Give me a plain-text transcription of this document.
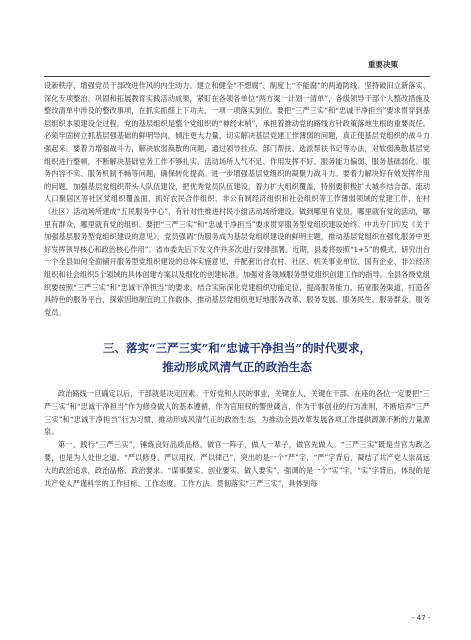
重要决策

设新秩序，增强党员干部改进作风的内生动力。建立和健全“不想腐”、制度上“不能腐”的两道防线。坚持破旧立新落实、深化专项整治、巩固和拓展教育实践活动成果，紧盯在各领各单位“两方案一计划一清单”，各级领导干部个人整改措施及整改清单中涉及的整改事项，在抓实抓细上下功夫，一项一项落实到位。要把“三严三实”和“忠诚干净担当”要求贯穿到基层组织本领建设全过程。党的基层组织是整个党组织的“神经末梢”，承担着推动党的路线方针政策落地生根的重要责任。必须牢固树立抓基层强基础的鲜明导向，倾注更大力量，切实解决基层党建工作薄弱的问题，真正使基层党组织的战斗力强起来。要着力增强战斗力，解决软弱涣散的问题，通过领导挂点、部门帮扶、选派帮扶书记等办法，对软弱涣散基层党组织进行整顿，不断解决基础党务工作不够扎实、活动场所人气不足、作用发挥不好、服务能力偏弱、服务基础弱化、服务内容不实、服务机制不畅等问题，确保转化提高。进一步增强基层党组织的凝聚力战斗力。要着力解决好有效发挥作用的问题，加强基层党组织带头人队伍建设，把优秀党员队伍建设，着力扩大组织覆盖，特别要积极扩大城乡结合部、流动人口聚居区等社区党组织覆盖面，抓好农民合作组织、非公有制经济组织和社会组织等工作薄弱领域的党建工作，在村（社区）活动场所建成“五民服务中心”，有针对性推进村民小组活动场所建设，做到哪里有党员，哪里就有党的活动，哪里有群众，哪里就有党的组织。要把“三严三实”和“忠诚干净担当”要求贯穿服务型党组织建设始终。中共专门印发《关于加强基层服务型党组织建设的意见》，党员强调“伪服务成为基层党组织建设的鲜明主题，推动基层党组织在强化服务中更好发挥领导核心和政治核心作用”。省市委先后下发文件并多次进行安排部署。近期，县委将按照“1+5”的模式，研究出台一个全县如何全面铺开服务型党组织建设的总体实施意见，并配套出台农村、社区、机关事业单位、国有企业、非公经济组织和社会组织5个领域的具体创建方案以及细化的创建标准，加强对各领域服务型党组织创建工作的指导。全县各级党组织要按照“三严三实”和“忠诚干净担当”的要求，结合实际深化党建组织功能定位，提高服务能力，拓宽服务渠道，打造各具特色的服务平台，探索因地制宜的工作载体，推动基层党组织更好地服务改革、服务发展、服务民生、服务群众、服务党员。

三、落实“三严三实”和“忠诚干净担当”的时代要求，
推动形成风清气正的政治生态

政治路线一旦确定以后，干部就是决定因素。干好党和人民的事业，关键在人，关键在干部。在座的各位一定要把“三严三实”和“忠诚干净担当”作为修身做人的基本遵循，作为官用权的警世箴言，作为干事创业的行为准则，不断培养“三严三实”和“忠诚干净担当”行为习惯，推动形成风清气正的政治生态，为推动全县改革发展各项工作提供源源不断的力量源泉。

第一，践行“三严三实”，锤炼良好品质品格。做官一阵子，做人一辈子，做官先做人。“三严三实”既是当官为政之要，也是为人处世之道。“严以修身、严以用权、严以律己”，突出的是一个“严”字，“严”字背后，凝结了共产党人崇高远大的政治追求，政治品格、政治要求。“谋事要实、创业要实、做人要实”，强调的是一个“实”字，“实”字背后，体现的是共产党人严谨科学的工作目标、工作态度、工作方法。贯彻落实“三严三实”，具体到每

- 47 -
